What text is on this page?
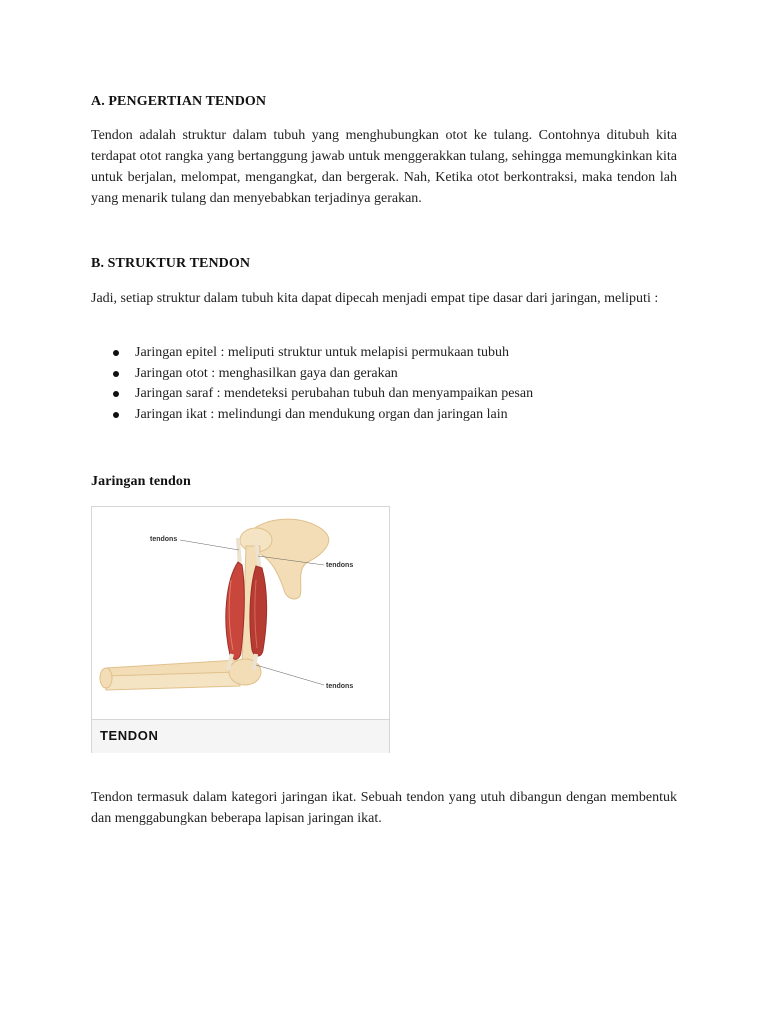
A. PENGERTIAN TENDON

Tendon adalah struktur dalam tubuh yang menghubungkan otot ke tulang. Contohnya ditubuh kita terdapat otot rangka yang bertanggung jawab untuk menggerakkan tulang, sehingga memungkinkan kita untuk berjalan, melompat, mengangkat, dan bergerak. Nah, Ketika otot berkontraksi, maka tendon lah yang menarik tulang dan menyebabkan terjadinya gerakan.

B. STRUKTUR TENDON

Jadi, setiap struktur dalam tubuh kita dapat dipecah menjadi empat tipe dasar dari jaringan, meliputi :

Jaringan epitel : meliputi struktur untuk melapisi permukaan tubuh
Jaringan otot : menghasilkan gaya dan gerakan
Jaringan saraf : mendeteksi perubahan tubuh dan menyampaikan pesan
Jaringan ikat : melindungi dan mendukung organ dan jaringan lain
Jaringan tendon
tendons
tendons
tendons
TENDON

Tendon termasuk dalam kategori jaringan ikat. Sebuah tendon yang utuh dibangun dengan membentuk dan menggabungkan beberapa lapisan jaringan ikat.
